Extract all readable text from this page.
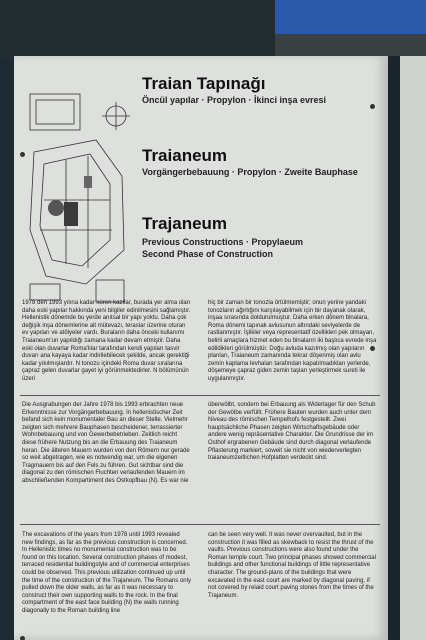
Traian Tapınağı
Öncül yapılar · Propylon · İkinci inşa evresi
Traianeum
Vorgängerbebauung · Propylon · Zweite Bauphase
Trajaneum
Previous Constructions · Propylaeum
Second Phase of Construction
1978 den 1993 yılına kadar süren kazılar, burada yer alma olan daha eski yapılar hakkında yeni bilgiler edinilmesini sağlamıştır. Hellenistik dönemde bu yerde anıtsal bir yapı yoktu. Daha çok değişik inşa dönemlerine ait mütevazı, teraslar üzerine oturan ev yapıları ve atölyeler vardı. Buraların daha önceki kullanımı Traianeum'un yapıldığı zamana kadar devam etmiştir. Daha eski olan duvarlar Roma'lılar tarafından kendi yapıları tasvir duvarı ana kayaya kadar indirilebilecek şekilde, ancak gerektiği kadar yıkılmışlardır. N tonozu içindeki Roma duvar sıralarına çapraz gelen duvarlar gayet iyi görünmektedirler. N bölümünün üzeri
hiç bir zaman bir tonozla örtülmemiştir; onun yerine yandaki tonozların ağırlığını karşılayabilmek için bir dayanak olarak, inşaa sırasında doldurulmuştur. Daha erken dönem binalara, Roma dönemi tapınak avlusunun altındaki seviyelerde de rastlanmıştır. İşlikler veya representatif özellikleri pek olmayan, belirli amaçlara hizmet eden bu binaların iki başlıca evrede inşa edildikleri görülmüştür. Doğu avluda kazılmış olan yapıların planları, Traianeum zamanında tekrar döşenmiş olan avlu zemin kaplama levhaları tarafından kapatılmadıkları yerlerde, döşemeye çapraz giden zemin taşları yerleştirmek sureti ile uygulanmıştır.
Die Ausgrabungen der Jahre 1978 bis 1993 erbrachten neue Erkenntnisse zur Vorgängerbebauung. In hellenistischer Zeit befand sich kein monumentaler Bau an dieser Stelle. Vielmehr zeigten sich mehrere Bauphasen bescheidener, terrassierter Wohnbebauung und von Gewerbebetrieben. Zeitlich reicht diese frühere Nutzung bis an die Erbauung des Traianeum heran. Die älteren Mauern wurden von den Römern nur gerade so weit abgetragen, wie es notwendig war, um die eigenen Tragmauern bis auf den Fels zu führen. Gut sichtbar sind die diagonal zu den römischen Fluchten verlaufenden Mauern im abschließenden Kompartiment des Ostkopfbau (N). Es war nie
überwölbt, sondern bei Erbauung als Widerlager für den Schub der Gewölbe verfüllt. Frühere Bauten wurden auch unter dem Niveau des römischen Tempelhofs festgestellt. Zwei hauptsächliche Phasen zeigten Wirtschaftsgebäude oder andere wenig repräsentative Charakter. Die Grundrisse der im Osthof ergrabenen Gebäude sind durch diagonal verlaufende Pflasterung markiert, soweit sie nicht von wiederverlegten traianeumzeitlichen Hofplatten verdeckt sind.
The excavations of the years from 1978 until 1993 revealed new findings, as far as the previous construction is concerned. In Hellenistic times no monumental construction was to be found on this location. Several construction phases of modest, terraced residential buildingstyle and of commercial enterprises could be observed. This previous utilization continued up until the time of the construction of the Trajaneum. The Romans only pulled down the older walls, as far as it was necessary to construct their own supporting walls to the rock. In the final compartment of the east face building (N) the walls running diagonally to the Roman building line
can be seen very well. It was never overvaulted, but in the construction it was filled as skewback to resist the thrust of the vaults. Previous constructions were also found under the Roman temple court. Two principal phases showed commercial buildings and other functional buildings of little representative character. The ground-plans of the buildings that were excavated in the east court are marked by diagonal paving, if not covered by relaid court paving stones from the times of the Trajaneum.
